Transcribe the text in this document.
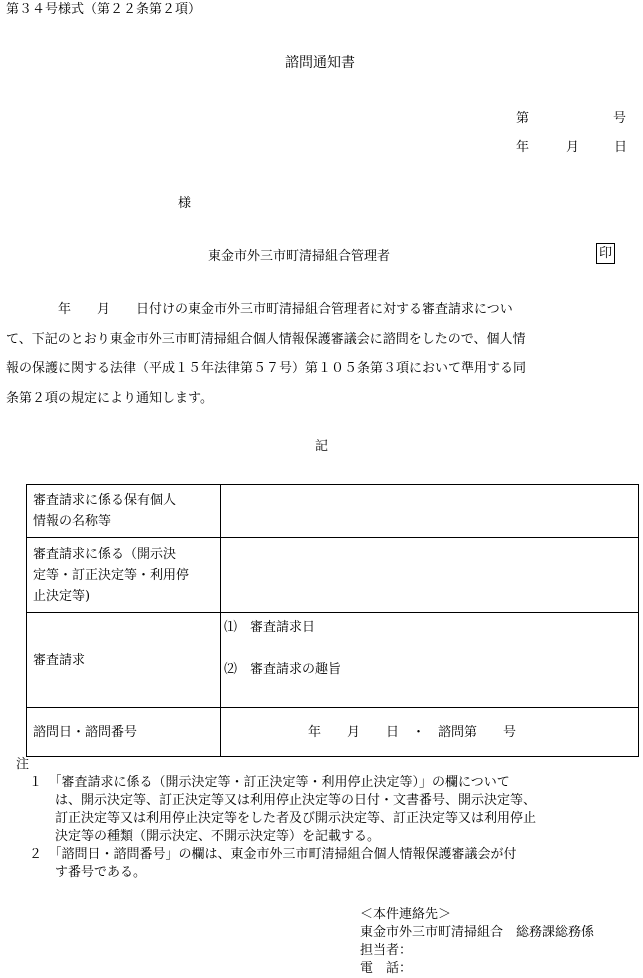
第３４号様式（第２２条第２項）
諮問通知書
第	号
年	月	日
様
東金市外三市町清掃組合管理者	印
　　　　年　　月　　日付けの東金市外三市町清掃組合管理者に対する審査請求につい
て、下記のとおり東金市外三市町清掃組合個人情報保護審議会に諮問をしたので、個人情
報の保護に関する法律（平成１５年法律第５７号）第１０５条第３項において準用する同
条第２項の規定により通知します。
記
審査請求に係る保有個人
情報の名称等	

審査請求に係る（開示決
定等・訂正決定等・利用停
止決定等)	

審査請求	⑴　審査請求日
⑵　審査請求の趣旨

諮問日・諮問番号	年　　月　　日　・　諮問第　　号
注
　１　「審査請求に係る（開示決定等・訂正決定等・利用停止決定等）」の欄について
　　　は、開示決定等、訂正決定等又は利用停止決定等の日付・文書番号、開示決定等、
　　　訂正決定等又は利用停止決定等をした者及び開示決定等、訂正決定等又は利用停止
　　　決定等の種類（開示決定、不開示決定等）を記載する。
　２　「諮問日・諮問番号」の欄は、東金市外三市町清掃組合個人情報保護審議会が付
　　　す番号である。
＜本件連絡先＞
東金市外三市町清掃組合　総務課総務係
担当者：
電　話：
